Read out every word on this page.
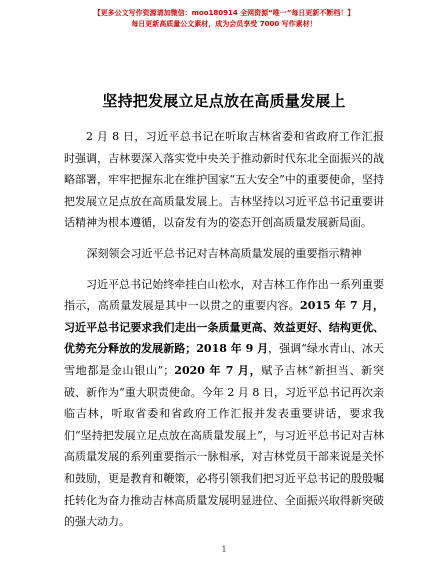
【更多公文写作资源请加微信：moo180914 全网资源“唯一”每日更新不断档！】
每日更新高质量公文素材，成为会员享受 7000 写作素材！
坚持把发展立足点放在高质量发展上

2 月 8 日，习近平总书记在听取吉林省委和省政府工作汇报时强调，吉林要深入落实党中央关于推动新时代东北全面振兴的战略部署，牢牢把握东北在维护国家“五大安全”中的重要使命，坚持把发展立足点放在高质量发展上。吉林坚持以习近平总书记重要讲话精神为根本遵循，以奋发有为的姿态开创高质量发展新局面。

深刻领会习近平总书记对吉林高质量发展的重要指示精神

习近平总书记始终牵挂白山松水，对吉林工作作出一系列重要指示，高质量发展是其中一以贯之的重要内容。2015 年 7 月，习近平总书记要求我们走出一条质量更高、效益更好、结构更优、优势充分释放的发展新路；2018 年 9 月，强调“绿水青山、冰天雪地都是金山银山”；2020 年 7 月，赋予吉林“新担当、新突破、新作为”重大职责使命。今年 2 月 8 日，习近平总书记再次亲临吉林，听取省委和省政府工作汇报并发表重要讲话，要求我们“坚持把发展立足点放在高质量发展上”，与习近平总书记对吉林高质量发展的系列重要指示一脉相承，对吉林党员干部来说是关怀和鼓励，更是教育和鞭策，必将引领我们把习近平总书记的殷殷嘱托转化为奋力推动吉林高质量发展明显进位、全面振兴取得新突破的强大动力。

1
